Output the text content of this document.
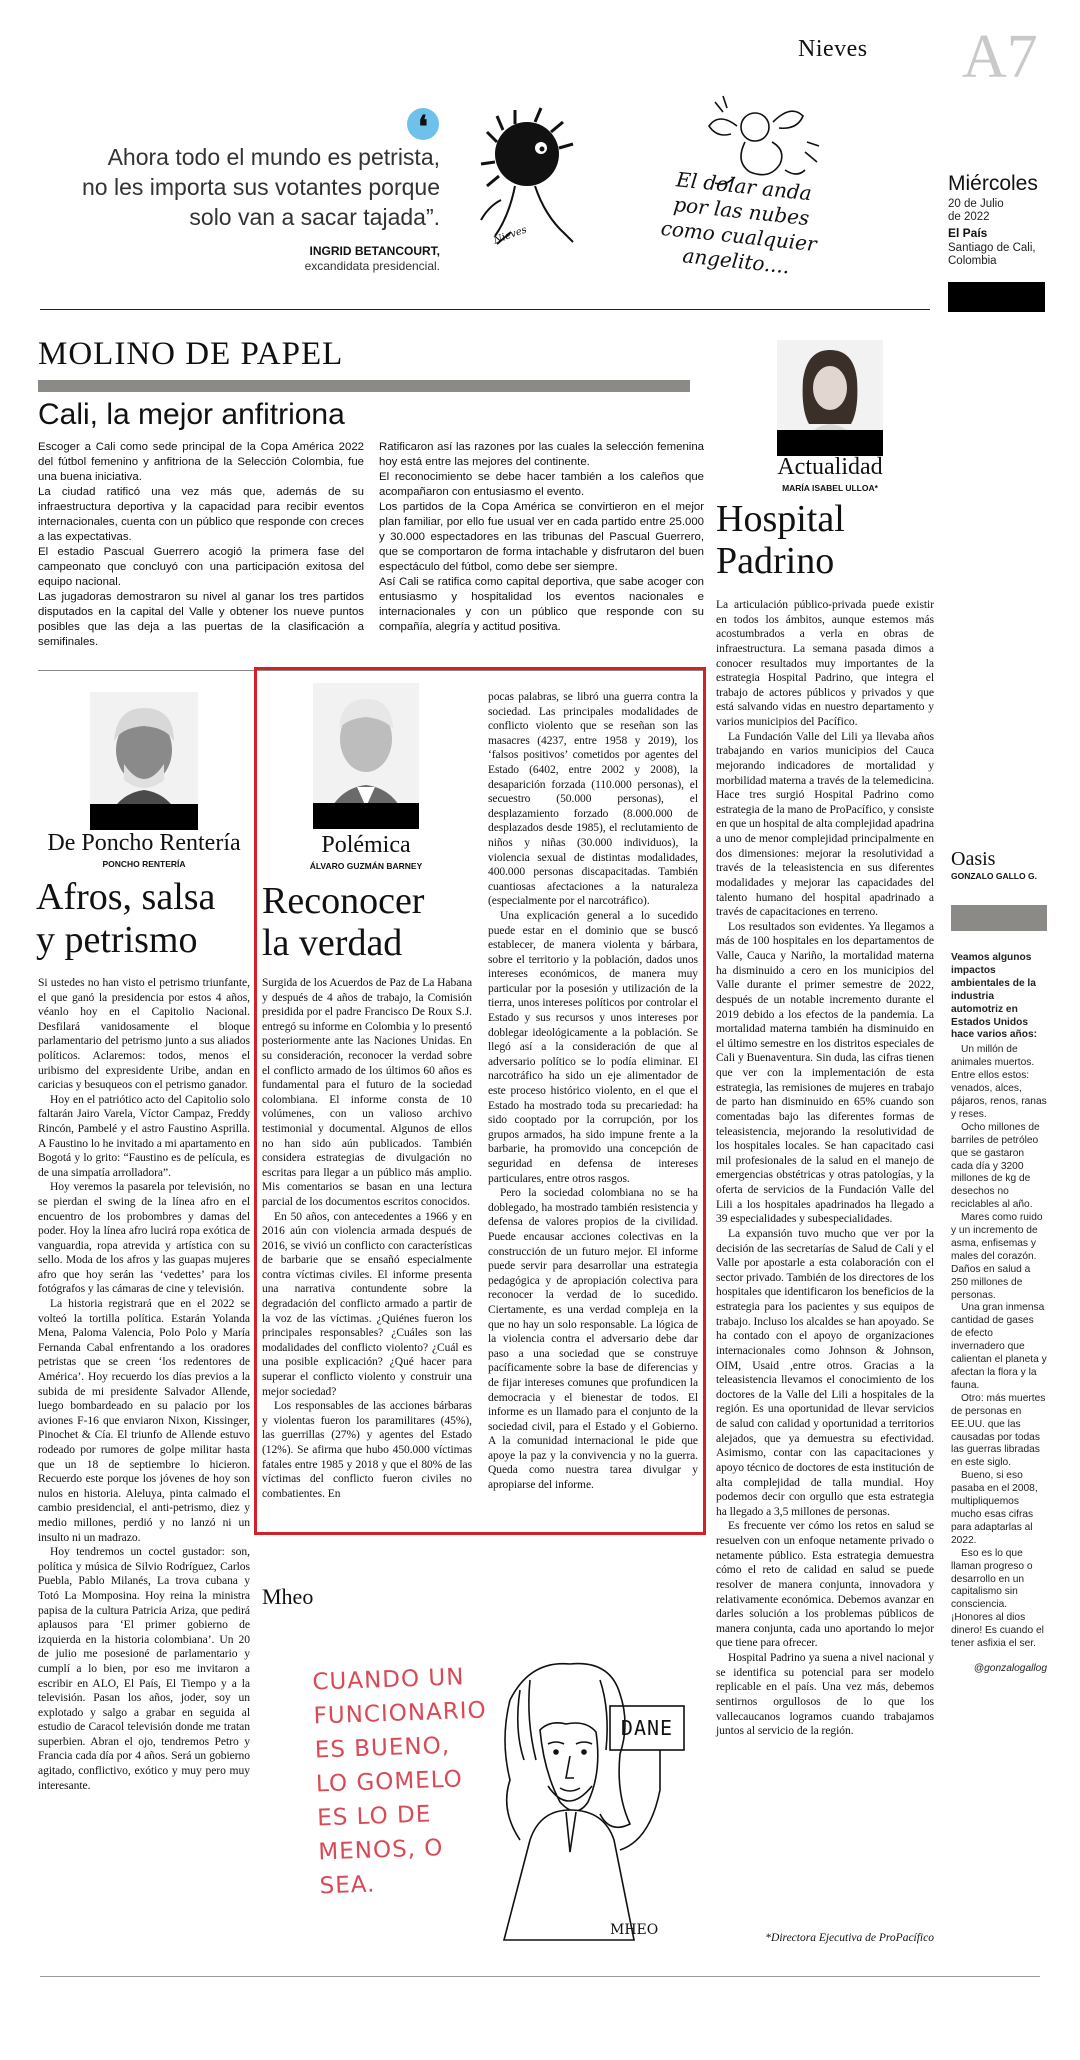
Nieves A7
❛
Ahora todo el mundo es petrista,
no les importa sus votantes porque
solo van a sacar tajada”.
INGRID BETANCOURT,
excandidata presidencial.
El dolar anda
por las nubes
como cualquier
angelito....
Nieves
Miércoles
20 de Julio
de 2022
El País
Santiago de Cali,
Colombia
MOLINO DE PAPEL
Cali, la mejor anfitriona

Escoger a Cali como sede principal de la Copa América 2022 del fútbol femenino y anfitriona de la Selección Colombia, fue una buena iniciativa.

La ciudad ratificó una vez más que, además de su infraestructura deportiva y la capacidad para recibir eventos internacionales, cuenta con un público que responde con creces a las expectativas.

El estadio Pascual Guerrero acogió la primera fase del campeonato que concluyó con una participación exitosa del equipo nacional.

Las jugadoras demostraron su nivel al ganar los tres partidos disputados en la capital del Valle y obtener los nueve puntos posibles que las deja a las puertas de la clasificación a semifinales.

Ratificaron así las razones por las cuales la selección femenina hoy está entre las mejores del continente.

El reconocimiento se debe hacer también a los caleños que acompañaron con entusiasmo el evento.

Los partidos de la Copa América se convirtieron en el mejor plan familiar, por ello fue usual ver en cada partido entre 25.000 y 30.000 espectadores en las tribunas del Pascual Guerrero, que se comportaron de forma intachable y disfrutaron del buen espectáculo del fútbol, como debe ser siempre.

Así Cali se ratifica como capital deportiva, que sabe acoger con entusiasmo y hospitalidad los eventos nacionales e internacionales y con un público que responde con su compañía, alegría y actitud positiva.

Actualidad
MARÍA ISABEL ULLOA*
Hospital
Padrino

La articulación público-privada puede existir en todos los ámbitos, aunque estemos más acostumbrados a verla en obras de infraestructura. La semana pasada dimos a conocer resultados muy importantes de la estrategia Hospital Padrino, que integra el trabajo de actores públicos y privados y que está salvando vidas en nuestro departamento y varios municipios del Pacífico.

La Fundación Valle del Lili ya llevaba años trabajando en varios municipios del Cauca mejorando indicadores de mortalidad y morbilidad materna a través de la telemedicina. Hace tres surgió Hospital Padrino como estrategia de la mano de ProPacífico, y consiste en que un hospital de alta complejidad apadrina a uno de menor complejidad principalmente en dos dimensiones: mejorar la resolutividad a través de la teleasistencia en sus diferentes modalidades y mejorar las capacidades del talento humano del hospital apadrinado a través de capacitaciones en terreno.

Los resultados son evidentes. Ya llegamos a más de 100 hospitales en los departamentos de Valle, Cauca y Nariño, la mortalidad materna ha disminuido a cero en los municipios del Valle durante el primer semestre de 2022, después de un notable incremento durante el 2019 debido a los efectos de la pandemia. La mortalidad materna también ha disminuido en el último semestre en los distritos especiales de Cali y Buenaventura. Sin duda, las cifras tienen que ver con la implementación de esta estrategia, las remisiones de mujeres en trabajo de parto han disminuido en 65% cuando son comentadas bajo las diferentes formas de teleasistencia, mejorando la resolutividad de los hospitales locales. Se han capacitado casi mil profesionales de la salud en el manejo de emergencias obstétricas y otras patologías, y la oferta de servicios de la Fundación Valle del Lili a los hospitales apadrinados ha llegado a 39 especialidades y subespecialidades.

La expansión tuvo mucho que ver por la decisión de las secretarías de Salud de Cali y el Valle por apostarle a esta colaboración con el sector privado. También de los directores de los hospitales que identificaron los beneficios de la estrategia para los pacientes y sus equipos de trabajo. Incluso los alcaldes se han apoyado. Se ha contado con el apoyo de organizaciones internacionales como Johnson & Johnson, OIM, Usaid ,entre otros. Gracias a la teleasistencia llevamos el conocimiento de los doctores de la Valle del Lili a hospitales de la región. Es una oportunidad de llevar servicios de salud con calidad y oportunidad a territorios alejados, que ya demuestra su efectividad. Asimismo, contar con las capacitaciones y apoyo técnico de doctores de esta institución de alta complejidad de talla mundial. Hoy podemos decir con orgullo que esta estrategia ha llegado a 3,5 millones de personas.

Es frecuente ver cómo los retos en salud se resuelven con un enfoque netamente privado o netamente público. Esta estrategia demuestra cómo el reto de calidad en salud se puede resolver de manera conjunta, innovadora y relativamente económica. Debemos avanzar en darles solución a los problemas públicos de manera conjunta, cada uno aportando lo mejor que tiene para ofrecer.

Hospital Padrino ya suena a nivel nacional y se identifica su potencial para ser modelo replicable en el país. Una vez más, debemos sentirnos orgullosos de lo que los vallecaucanos logramos cuando trabajamos juntos al servicio de la región.

*Directora Ejecutiva de ProPacífico
De Poncho Rentería
PONCHO RENTERÍA
Afros, salsa
y petrismo

Si ustedes no han visto el petrismo triunfante, el que ganó la presidencia por estos 4 años, véanlo hoy en el Capitolio Nacional. Desfilará vanidosamente el bloque parlamentario del petrismo junto a sus aliados políticos. Aclaremos: todos, menos el uribismo del expresidente Uribe, andan en caricias y besuqueos con el petrismo ganador.

Hoy en el patriótico acto del Capitolio solo faltarán Jairo Varela, Víctor Campaz, Freddy Rincón, Pambelé y el astro Faustino Asprilla. A Faustino lo he invitado a mi apartamento en Bogotá y lo grito: “Faustino es de película, es de una simpatía arrolladora”.

Hoy veremos la pasarela por televisión, no se pierdan el swing de la línea afro en el encuentro de los probombres y damas del poder. Hoy la línea afro lucirá ropa exótica de vanguardia, ropa atrevida y artística con su sello. Moda de los afros y las guapas mujeres afro que hoy serán las ‘vedettes’ para los fotógrafos y las cámaras de cine y televisión.

La historia registrará que en el 2022 se volteó la tortilla política. Estarán Yolanda Mena, Paloma Valencia, Polo Polo y María Fernanda Cabal enfrentando a los oradores petristas que se creen ‘los redentores de América’. Hoy recuerdo los días previos a la subida de mi presidente Salvador Allende, luego bombardeado en su palacio por los aviones F-16 que enviaron Nixon, Kissinger, Pinochet & Cía. El triunfo de Allende estuvo rodeado por rumores de golpe militar hasta que un 18 de septiembre lo hicieron. Recuerdo este porque los jóvenes de hoy son nulos en historia. Aleluya, pinta calmado el cambio presidencial, el anti-petrismo, diez y medio millones, perdió y no lanzó ni un insulto ni un madrazo.

Hoy tendremos un coctel gustador: son, política y música de Silvio Rodríguez, Carlos Puebla, Pablo Milanés, La trova cubana y Totó La Momposina. Hoy reina la ministra papisa de la cultura Patricia Ariza, que pedirá aplausos para ‘El primer gobierno de izquierda en la historia colombiana’. Un 20 de julio me posesioné de parlamentario y cumplí a lo bien, por eso me invitaron a escribir en ALO, El País, El Tiempo y a la televisión. Pasan los años, joder, soy un explotado y salgo a grabar en seguida al estudio de Caracol televisión donde me tratan superbien. Abran el ojo, tendremos Petro y Francia cada día por 4 años. Será un gobierno agitado, conflictivo, exótico y muy pero muy interesante.

Polémica
ÁLVARO GUZMÁN BARNEY
Reconocer
la verdad

Surgida de los Acuerdos de Paz de La Habana y después de 4 años de trabajo, la Comisión presidida por el padre Francisco De Roux S.J. entregó su informe en Colombia y lo presentó posteriormente ante las Naciones Unidas. En su consideración, reconocer la verdad sobre el conflicto armado de los últimos 60 años es fundamental para el futuro de la sociedad colombiana. El informe consta de 10 volúmenes, con un valioso archivo testimonial y documental. Algunos de ellos no han sido aún publicados. También considera estrategias de divulgación no escritas para llegar a un público más amplio. Mis comentarios se basan en una lectura parcial de los documentos escritos conocidos.

En 50 años, con antecedentes a 1966 y en 2016 aún con violencia armada después de 2016, se vivió un conflicto con características de barbarie que se ensañó especialmente contra víctimas civiles. El informe presenta una narrativa contundente sobre la degradación del conflicto armado a partir de la voz de las víctimas. ¿Quiénes fueron los principales responsables? ¿Cuáles son las modalidades del conflicto violento? ¿Cuál es una posible explicación? ¿Qué hacer para superar el conflicto violento y construir una mejor sociedad?

Los responsables de las acciones bárbaras y violentas fueron los paramilitares (45%), las guerrillas (27%) y agentes del Estado (12%). Se afirma que hubo 450.000 víctimas fatales entre 1985 y 2018 y que el 80% de las víctimas del conflicto fueron civiles no combatientes. En

pocas palabras, se libró una guerra contra la sociedad. Las principales modalidades de conflicto violento que se reseñan son las masacres (4237, entre 1958 y 2019), los ‘falsos positivos’ cometidos por agentes del Estado (6402, entre 2002 y 2008), la desaparición forzada (110.000 personas), el secuestro (50.000 personas), el desplazamiento forzado (8.000.000 de desplazados desde 1985), el reclutamiento de niños y niñas (30.000 individuos), la violencia sexual de distintas modalidades, 400.000 personas discapacitadas. También cuantiosas afectaciones a la naturaleza (especialmente por el narcotráfico).

Una explicación general a lo sucedido puede estar en el dominio que se buscó establecer, de manera violenta y bárbara, sobre el territorio y la población, dados unos intereses económicos, de manera muy particular por la posesión y utilización de la tierra, unos intereses políticos por controlar el Estado y sus recursos y unos intereses por doblegar ideológicamente a la población. Se llegó así a la consideración de que al adversario político se lo podía eliminar. El narcotráfico ha sido un eje alimentador de este proceso histórico violento, en el que el Estado ha mostrado toda su precariedad: ha sido cooptado por la corrupción, por los grupos armados, ha sido impune frente a la barbarie, ha promovido una concepción de seguridad en defensa de intereses particulares, entre otros rasgos.

Pero la sociedad colombiana no se ha doblegado, ha mostrado también resistencia y defensa de valores propios de la civilidad. Puede encausar acciones colectivas en la construcción de un futuro mejor. El informe puede servir para desarrollar una estrategia pedagógica y de apropiación colectiva para reconocer la verdad de lo sucedido. Ciertamente, es una verdad compleja en la que no hay un solo responsable. La lógica de la violencia contra el adversario debe dar paso a una sociedad que se construye pacíficamente sobre la base de diferencias y de fijar intereses comunes que profundicen la democracia y el bienestar de todos. El informe es un llamado para el conjunto de la sociedad civil, para el Estado y el Gobierno. A la comunidad internacional le pide que apoye la paz y la convivencia y no la guerra. Queda como nuestra tarea divulgar y apropiarse del informe.

Mheo
CUANDO UN
FUNCIONARIO
ES BUENO,
LO GOMELO
ES LO DE
MENOS, O
SEA.
DANE
MHEO
Oasis
GONZALO GALLO G.
Veamos algunos impactos ambientales de la industria automotriz en Estados Unidos hace varios años:

Un millón de animales muertos. Entre ellos estos: venados, alces, pájaros, renos, ranas y reses.

Ocho millones de barriles de petróleo que se gastaron cada día y 3200 millones de kg de desechos no reciclables al año.

Mares como ruido y un incremento de asma, enfisemas y males del corazón. Daños en salud a 250 millones de personas.

Una gran inmensa cantidad de gases de efecto invernadero que calientan el planeta y afectan la flora y la fauna.

Otro: más muertes de personas en EE.UU. que las causadas por todas las guerras libradas en este siglo.

Bueno, si eso pasaba en el 2008, multipliquemos mucho esas cifras para adaptarlas al 2022.

Eso es lo que llaman progreso o desarrollo en un capitalismo sin consciencia. ¡Honores al dios dinero! Es cuando el tener asfixia el ser.

@gonzalogallog
